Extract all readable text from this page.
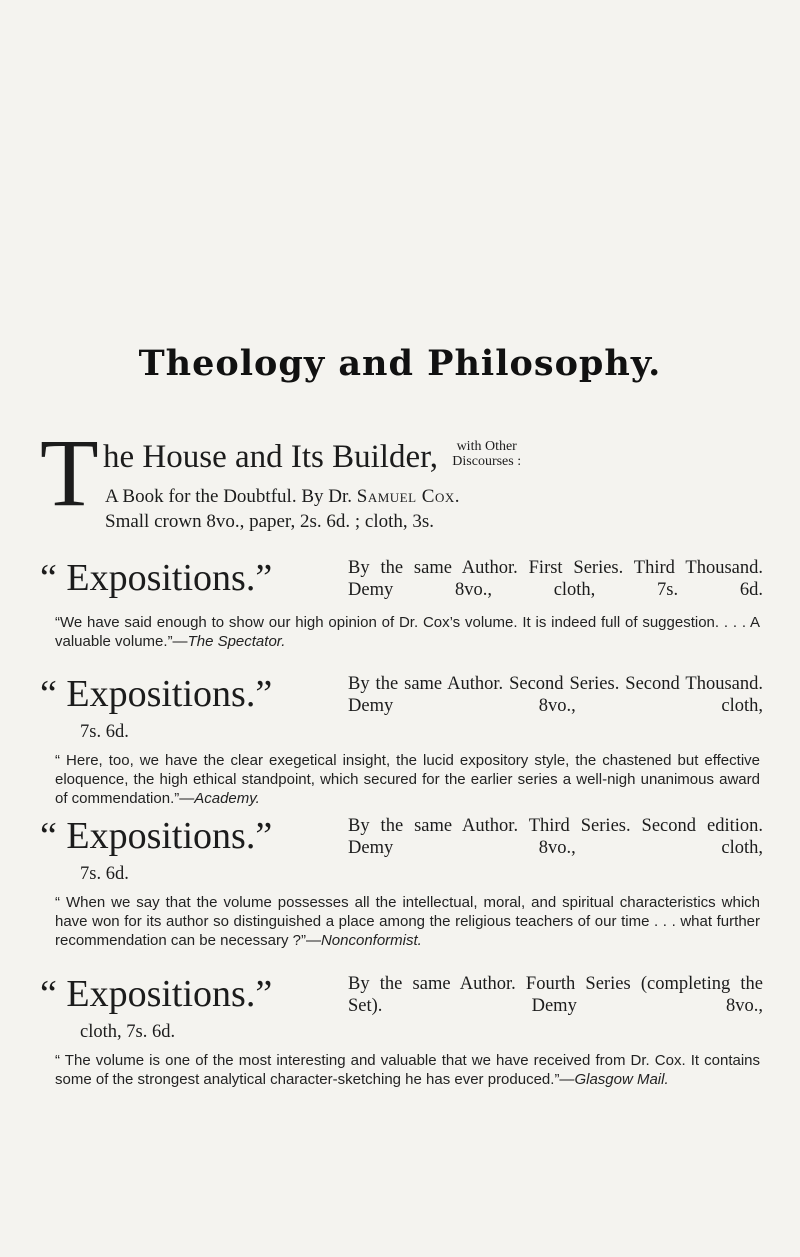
Theology and Philosophy.
T he House and Its Builder, with Other
Discourses :
A Book for the Doubtful. By Dr. Samuel Cox.
Small crown 8vo., paper, 2s. 6d. ; cloth, 3s.
“ Expositions.”	By the same Author. First Series. Third Thousand. Demy 8vo., cloth, 7s. 6d.
“We have said enough to show our high opinion of Dr. Cox’s volume. It is indeed full of suggestion. . . . A valuable volume.”—The Spectator.
“ Expositions.”	By the same Author. Second Series. Second Thousand. Demy 8vo., cloth,
7s. 6d.
“ Here, too, we have the clear exegetical insight, the lucid expository style, the chastened but effective eloquence, the high ethical standpoint, which secured for the earlier series a well-nigh unanimous award of commendation.”—Academy.
“ Expositions.”	By the same Author. Third Series. Second edition. Demy 8vo., cloth,
7s. 6d.
“ When we say that the volume possesses all the intellectual, moral, and spiritual characteristics which have won for its author so distinguished a place among the religious teachers of our time . . . what further recommendation can be necessary ?”—Nonconformist.
“ Expositions.”	By the same Author. Fourth Series (completing the Set). Demy 8vo.,
cloth, 7s. 6d.
“ The volume is one of the most interesting and valuable that we have received from Dr. Cox. It contains some of the strongest analytical character-sketching he has ever produced.”—Glasgow Mail.
